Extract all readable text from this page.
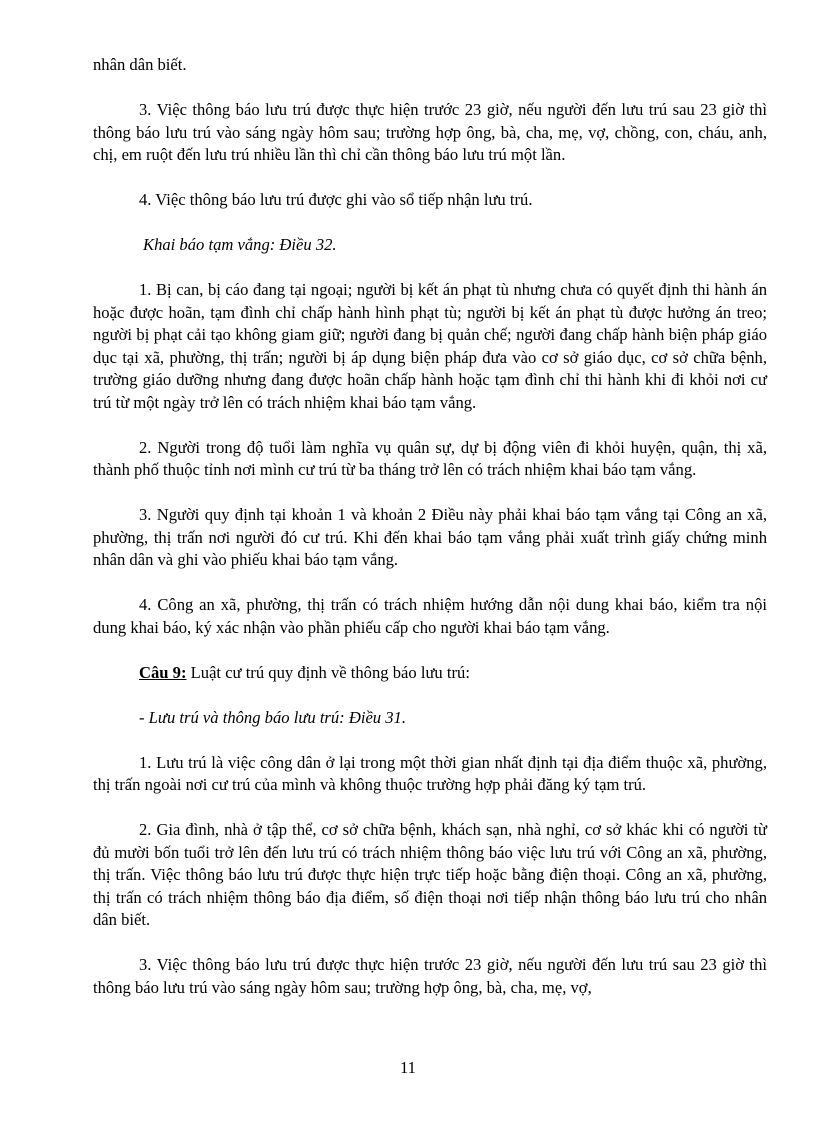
nhân dân biết.

3. Việc thông báo lưu trú được thực hiện trước 23 giờ, nếu người đến lưu trú sau 23 giờ thì thông báo lưu trú vào sáng ngày hôm sau; trường hợp ông, bà, cha, mẹ, vợ, chồng, con, cháu, anh, chị, em ruột đến lưu trú nhiều lần thì chỉ cần thông báo lưu trú một lần.

4. Việc thông báo lưu trú được ghi vào sổ tiếp nhận lưu trú.

Khai báo tạm vắng: Điều 32.

1. Bị can, bị cáo đang tại ngoại; người bị kết án phạt tù nhưng chưa có quyết định thi hành án hoặc được hoãn, tạm đình chỉ chấp hành hình phạt tù; người bị kết án phạt tù được hưởng án treo; người bị phạt cải tạo không giam giữ; người đang bị quản chế; người đang chấp hành biện pháp giáo dục tại xã, phường, thị trấn; người bị áp dụng biện pháp đưa vào cơ sở giáo dục, cơ sở chữa bệnh, trường giáo dưỡng nhưng đang được hoãn chấp hành hoặc tạm đình chỉ thi hành khi đi khỏi nơi cư trú từ một ngày trở lên có trách nhiệm khai báo tạm vắng.

2. Người trong độ tuổi làm nghĩa vụ quân sự, dự bị động viên đi khỏi huyện, quận, thị xã, thành phố thuộc tỉnh nơi mình cư trú từ ba tháng trở lên có trách nhiệm khai báo tạm vắng.

3. Người quy định tại khoản 1 và khoản 2 Điều này phải khai báo tạm vắng tại Công an xã, phường, thị trấn nơi người đó cư trú. Khi đến khai báo tạm vắng phải xuất trình giấy chứng minh nhân dân và ghi vào phiếu khai báo tạm vắng.

4. Công an xã, phường, thị trấn có trách nhiệm hướng dẫn nội dung khai báo, kiểm tra nội dung khai báo, ký xác nhận vào phần phiếu cấp cho người khai báo tạm vắng.

Câu 9: Luật cư trú quy định về thông báo lưu trú:

- Lưu trú và thông báo lưu trú: Điều 31.

1. Lưu trú là việc công dân ở lại trong một thời gian nhất định tại địa điểm thuộc xã, phường, thị trấn ngoài nơi cư trú của mình và không thuộc trường hợp phải đăng ký tạm trú.

2. Gia đình, nhà ở tập thể, cơ sở chữa bệnh, khách sạn, nhà nghỉ, cơ sở khác khi có người từ đủ mười bốn tuổi trở lên đến lưu trú có trách nhiệm thông báo việc lưu trú với Công an xã, phường, thị trấn. Việc thông báo lưu trú được thực hiện trực tiếp hoặc bằng điện thoại. Công an xã, phường, thị trấn có trách nhiệm thông báo địa điểm, số điện thoại nơi tiếp nhận thông báo lưu trú cho nhân dân biết.

3. Việc thông báo lưu trú được thực hiện trước 23 giờ, nếu người đến lưu trú sau 23 giờ thì thông báo lưu trú vào sáng ngày hôm sau; trường hợp ông, bà, cha, mẹ, vợ,

11
